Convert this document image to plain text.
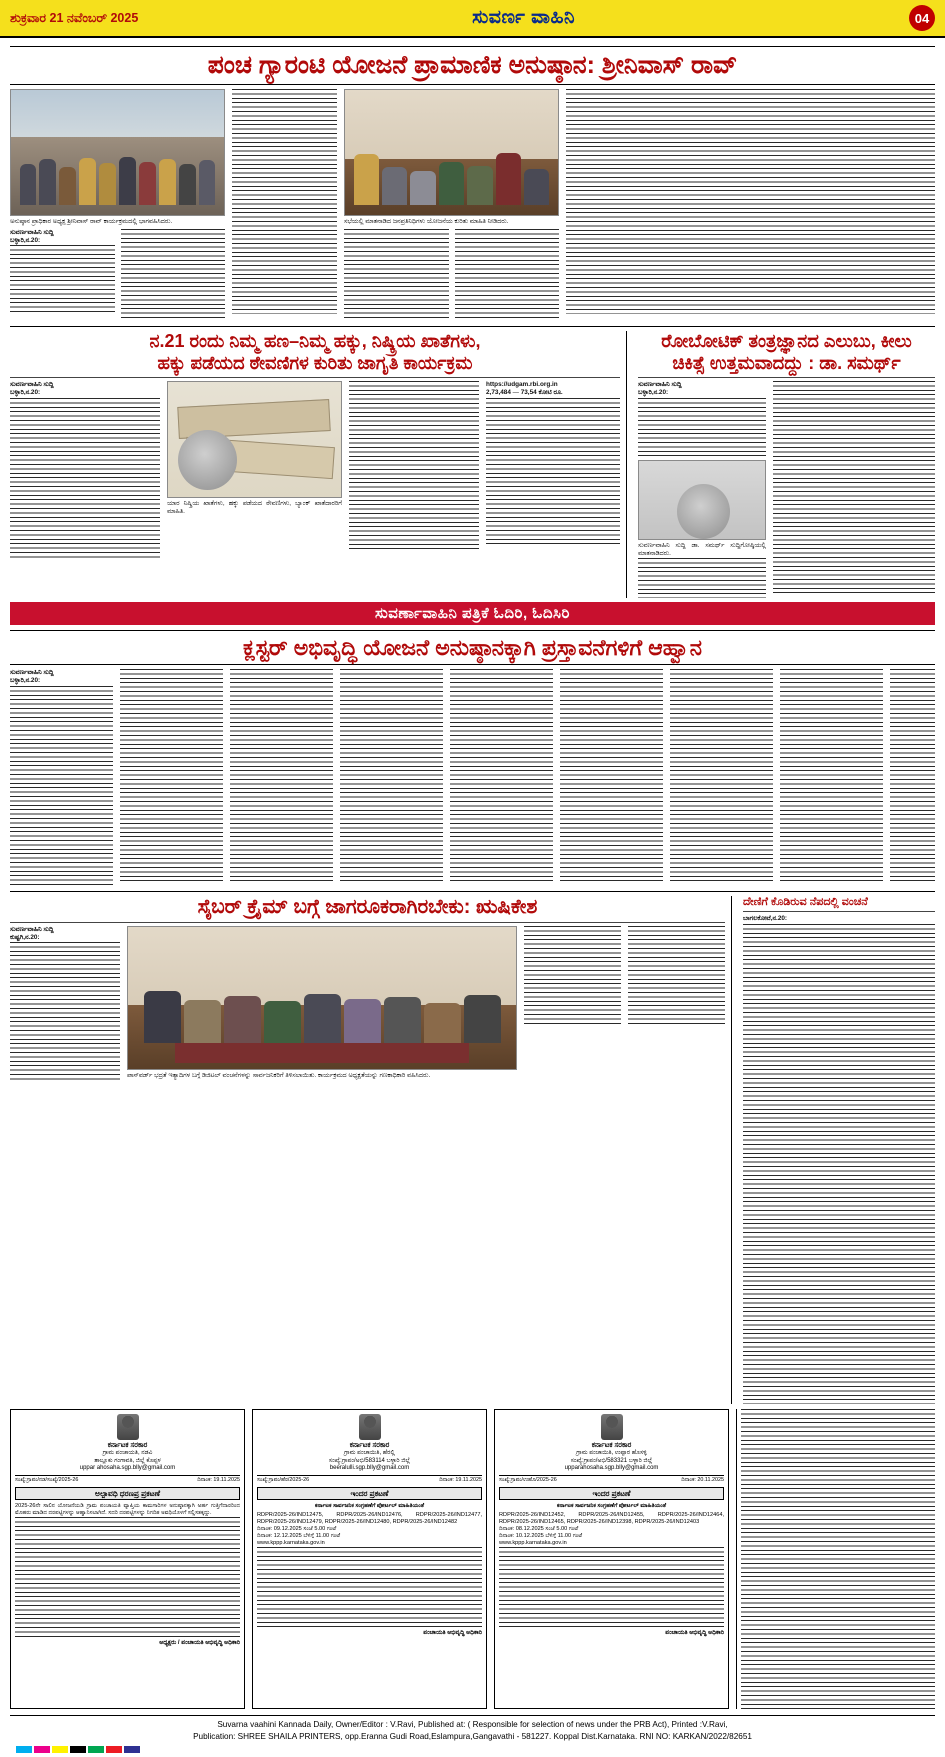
ಶುಕ್ರವಾರ 21 ನವೆಂಬರ್ 2025	ಸುವರ್ಣ ವಾಹಿನಿ	04
ಪಂಚ ಗ್ಯಾರಂಟಿ ಯೋಜನೆ ಪ್ರಾಮಾಣಿಕ ಅನುಷ್ಠಾನ: ಶ್ರೀನಿವಾಸ್ ರಾವ್
ಅನುಷ್ಠಾನ ಪ್ರಾಧಿಕಾರ ಅಧ್ಯಕ್ಷ ಶ್ರೀನಿವಾಸ್ ರಾವ್ ಕಾರ್ಯಕ್ರಮದಲ್ಲಿ ಭಾಗವಹಿಸಿದರು.
ಸುವರ್ಣವಾಹಿನಿ ಸುದ್ದಿ
ಬಳ್ಳಾರಿ,ನ.20:
ಸಭೆಯಲ್ಲಿ ಮಾತನಾಡಿದ ಜನಪ್ರತಿನಿಧಿಗಳು ಯೋಜನೆಯ ಕುರಿತು ಮಾಹಿತಿ ನೀಡಿದರು.
ನ.21 ರಂದು ನಿಮ್ಮ ಹಣ–ನಿಮ್ಮ ಹಕ್ಕು, ನಿಷ್ಕ್ರಿಯ ಖಾತೆಗಳು,
ಹಕ್ಕು ಪಡೆಯದ ಠೇವಣಿಗಳ ಕುರಿತು ಜಾಗೃತಿ ಕಾರ್ಯಕ್ರಮ
ಸುವರ್ಣವಾಹಿನಿ ಸುದ್ದಿ
ಬಳ್ಳಾರಿ,ನ.20:
ಯಾರ ನಿಷ್ಕ್ರಿಯ ಖಾತೆಗಳು, ಹಕ್ಕು ಪಡೆಯದ ಠೇವಣಿಗಳು, ಬ್ಯಾಂಕ್ ಖಾತೆದಾರರಿಗೆ ಮಾಹಿತಿ.
https://udgam.rbi.org.in
2,73,484 — 73,54 ಕೋಟಿ ರೂ.
ರೋಬೋಟಿಕ್ ತಂತ್ರಜ್ಞಾನದ ಎಲುಬು, ಕೀಲು
ಚಿಕಿತ್ಸೆ ಉತ್ತಮವಾದದ್ದು : ಡಾ. ಸಮರ್ಥ್
ಸುವರ್ಣವಾಹಿನಿ ಸುದ್ದಿ
ಬಳ್ಳಾರಿ,ನ.20:
ಸುವರ್ಣವಾಹಿನಿ ಸುದ್ದಿ ಡಾ. ಸಮರ್ಥ್ ಸುದ್ದಿಗೋಷ್ಠಿಯಲ್ಲಿ ಮಾತನಾಡಿದರು.
ಸುವರ್ಣಾವಾಹಿನಿ ಪತ್ರಿಕೆ ಓದಿರಿ, ಓದಿಸಿರಿ
ಕ್ಲಸ್ಟರ್ ಅಭಿವೃದ್ಧಿ ಯೋಜನೆ ಅನುಷ್ಠಾನಕ್ಕಾಗಿ ಪ್ರಸ್ತಾವನೆಗಳಿಗೆ ಆಹ್ವಾನ
ಸುವರ್ಣವಾಹಿನಿ ಸುದ್ದಿ
ಬಳ್ಳಾರಿ,ನ.20:
ಸೈಬರ್ ಕ್ರೈಮ್ ಬಗ್ಗೆ ಜಾಗರೂಕರಾಗಿರಬೇಕು: ಋಷಿಕೇಶ
ಸುವರ್ಣವಾಹಿನಿ ಸುದ್ದಿ
ಕುಷ್ಟಗಿ,ನ.20:
ಪಾಸ್‌ವರ್ಡ್ ಭದ್ರತೆ ಇತ್ಯಾದಿಗಳ ಬಗ್ಗೆ ಡಿಜಿಟಲ್ ವಂಚನೆಗಳನ್ನು ಸಾರ್ವಜನಿಕರಿಗೆ ತಿಳಿಸಲಾಯಿತು. ಕಾರ್ಯಕ್ರಮದ ಅಧ್ಯಕ್ಷತೆಯನ್ನು ಗಣಕಾಧಿಕಾರಿ ವಹಿಸಿದರು.
ದೇಣಿಗೆ ಕೊಡಿರುವ ನೆಪದಲ್ಲಿ ವಂಚನೆ
ಬಾಗಲಕೋಟೆ,ನ.20:
ಕರ್ನಾಟಕ ಸರಕಾರ
ಗ್ರಾಮ ಪಂಚಾಯತಿ, ನಡವಿ
ತಾಲ್ಲೂಕು ಗಂಗಾವತಿ, ಜಿಲ್ಲೆ ಕೊಪ್ಪಳ
uppar ahosaha.sgp.blly@gmail.com
ಸಂಖ್ಯೆ:ಗ್ರಾಪಂ/ನಡ/ಸಂಖ್ಯೆ/2025-26	ದಿನಾಂಕ: 19.11.2025
ಅಲ್ಪಾವಧಿ ಧರಣಪ್ರ ಪ್ರಕಟಣೆ
2025-26ನೇ ಸಾಲಿನ ಯೋಜನೆಯಡಿ ಗ್ರಾಮ ಪಂಚಾಯತಿ ವ್ಯಾಪ್ತಿಯ ಕಾಮಗಾರಿಗಳ ಅನುಷ್ಠಾನಕ್ಕಾಗಿ ಅರ್ಹ ಗುತ್ತಿಗೆದಾರರಿಂದ ಮೊಹರು ಮಾಡಿದ ದರಪಟ್ಟಿಗಳನ್ನು ಆಹ್ವಾನಿಸಲಾಗಿದೆ. ಸದರಿ ದರಪಟ್ಟಿಗಳನ್ನು ನಿಗದಿತ ಅವಧಿಯೊಳಗೆ ಸಲ್ಲಿಸತಕ್ಕದ್ದು.
ಅಧ್ಯಕ್ಷರು / ಪಂಚಾಯತಿ ಅಭಿವೃದ್ಧಿ ಅಧಿಕಾರಿ
ಕರ್ನಾಟಕ ಸರಕಾರ
ಗ್ರಾಮ ಪಂಚಾಯಿತಿ, ಹೆರಲ್ಲಿ
ಸಂಖ್ಯೆ:ಗ್ರಾಪಂ/ಅಭಿ/583114 ಬಳ್ಳಾರಿ ಜಿಲ್ಲೆ
beeralulli.sgp.blly@gmail.com
ಸಂಖ್ಯೆ:ಗ್ರಾಪಂ/ಹೆರ/2025-26	ದಿನಾಂಕ: 19.11.2025
ಇಂದರ ಪ್ರಕಟಣೆ
ಕರ್ನಾಟಕ ಸಾರ್ವಜನಿಕ ಸಂಗ್ರಹಣೆಗೆ ಪೋರ್ಟಲ್ ಮಾಹಿತಿಯಂತೆ
RDPR/2025-26/IND12475, RDPR/2025-26/IND12476, RDPR/2025-26/IND12477, RDPR/2025-26/IND12479, RDPR/2025-26/IND12480, RDPR/2025-26/IND12482
ದಿನಾಂಕ: 09.12.2025 ಸಂಜೆ 5.00 ಗಂಟೆ
ದಿನಾಂಕ: 12.12.2025 ಬೆಳಿಗ್ಗೆ 11.00 ಗಂಟೆ
www.kppp.karnataka.gov.in
ಪಂಚಾಯತಿ ಅಭಿವೃದ್ಧಿ ಅಧಿಕಾರಿ
ಕರ್ನಾಟಕ ಸರಕಾರ
ಗ್ರಾಮ ಪಂಚಾಯಿತಿ, ಉಪ್ಪಾರ ಹೊಸಳ್ಳಿ
ಸಂಖ್ಯೆ:ಗ್ರಾಪಂ/ಅಭಿ/583321 ಬಳ್ಳಾರಿ ಜಿಲ್ಲೆ
upparahosaha.sgp.blly@gmail.com
ಸಂಖ್ಯೆ:ಗ್ರಾಪಂ/ಉಹೊ/2025-26	ದಿನಾಂಕ: 20.11.2025
ಇಂದರ ಪ್ರಕಟಣೆ
ಕರ್ನಾಟಕ ಸಾರ್ವಜನಿಕ ಸಂಗ್ರಹಣೆಗೆ ಪೋರ್ಟಲ್ ಮಾಹಿತಿಯಂತೆ
RDPR/2025-26/IND12452, RDPR/2025-26/IND12455, RDPR/2025-26/IND12464, RDPR/2025-26/IND12465, RDPR/2025-26/IND12398, RDPR/2025-26/IND12403
ದಿನಾಂಕ: 08.12.2025 ಸಂಜೆ 5.00 ಗಂಟೆ
ದಿನಾಂಕ: 10.12.2025 ಬೆಳಿಗ್ಗೆ 11.00 ಗಂಟೆ
www.kppp.karnataka.gov.in
ಪಂಚಾಯತಿ ಅಭಿವೃದ್ಧಿ ಅಧಿಕಾರಿ
Suvarna vaahini Kannada Daily, Owner/Editor : V.Ravi, Published at: ( Responsible for selection of news under the PRB Act), Printed :V.Ravi,
Publication: SHREE SHAILA PRINTERS, opp.Eranna Gudi Road,Eslampura,Gangavathi - 581227. Koppal Dist.Karnataka. RNI NO: KARKAN/2022/82651
